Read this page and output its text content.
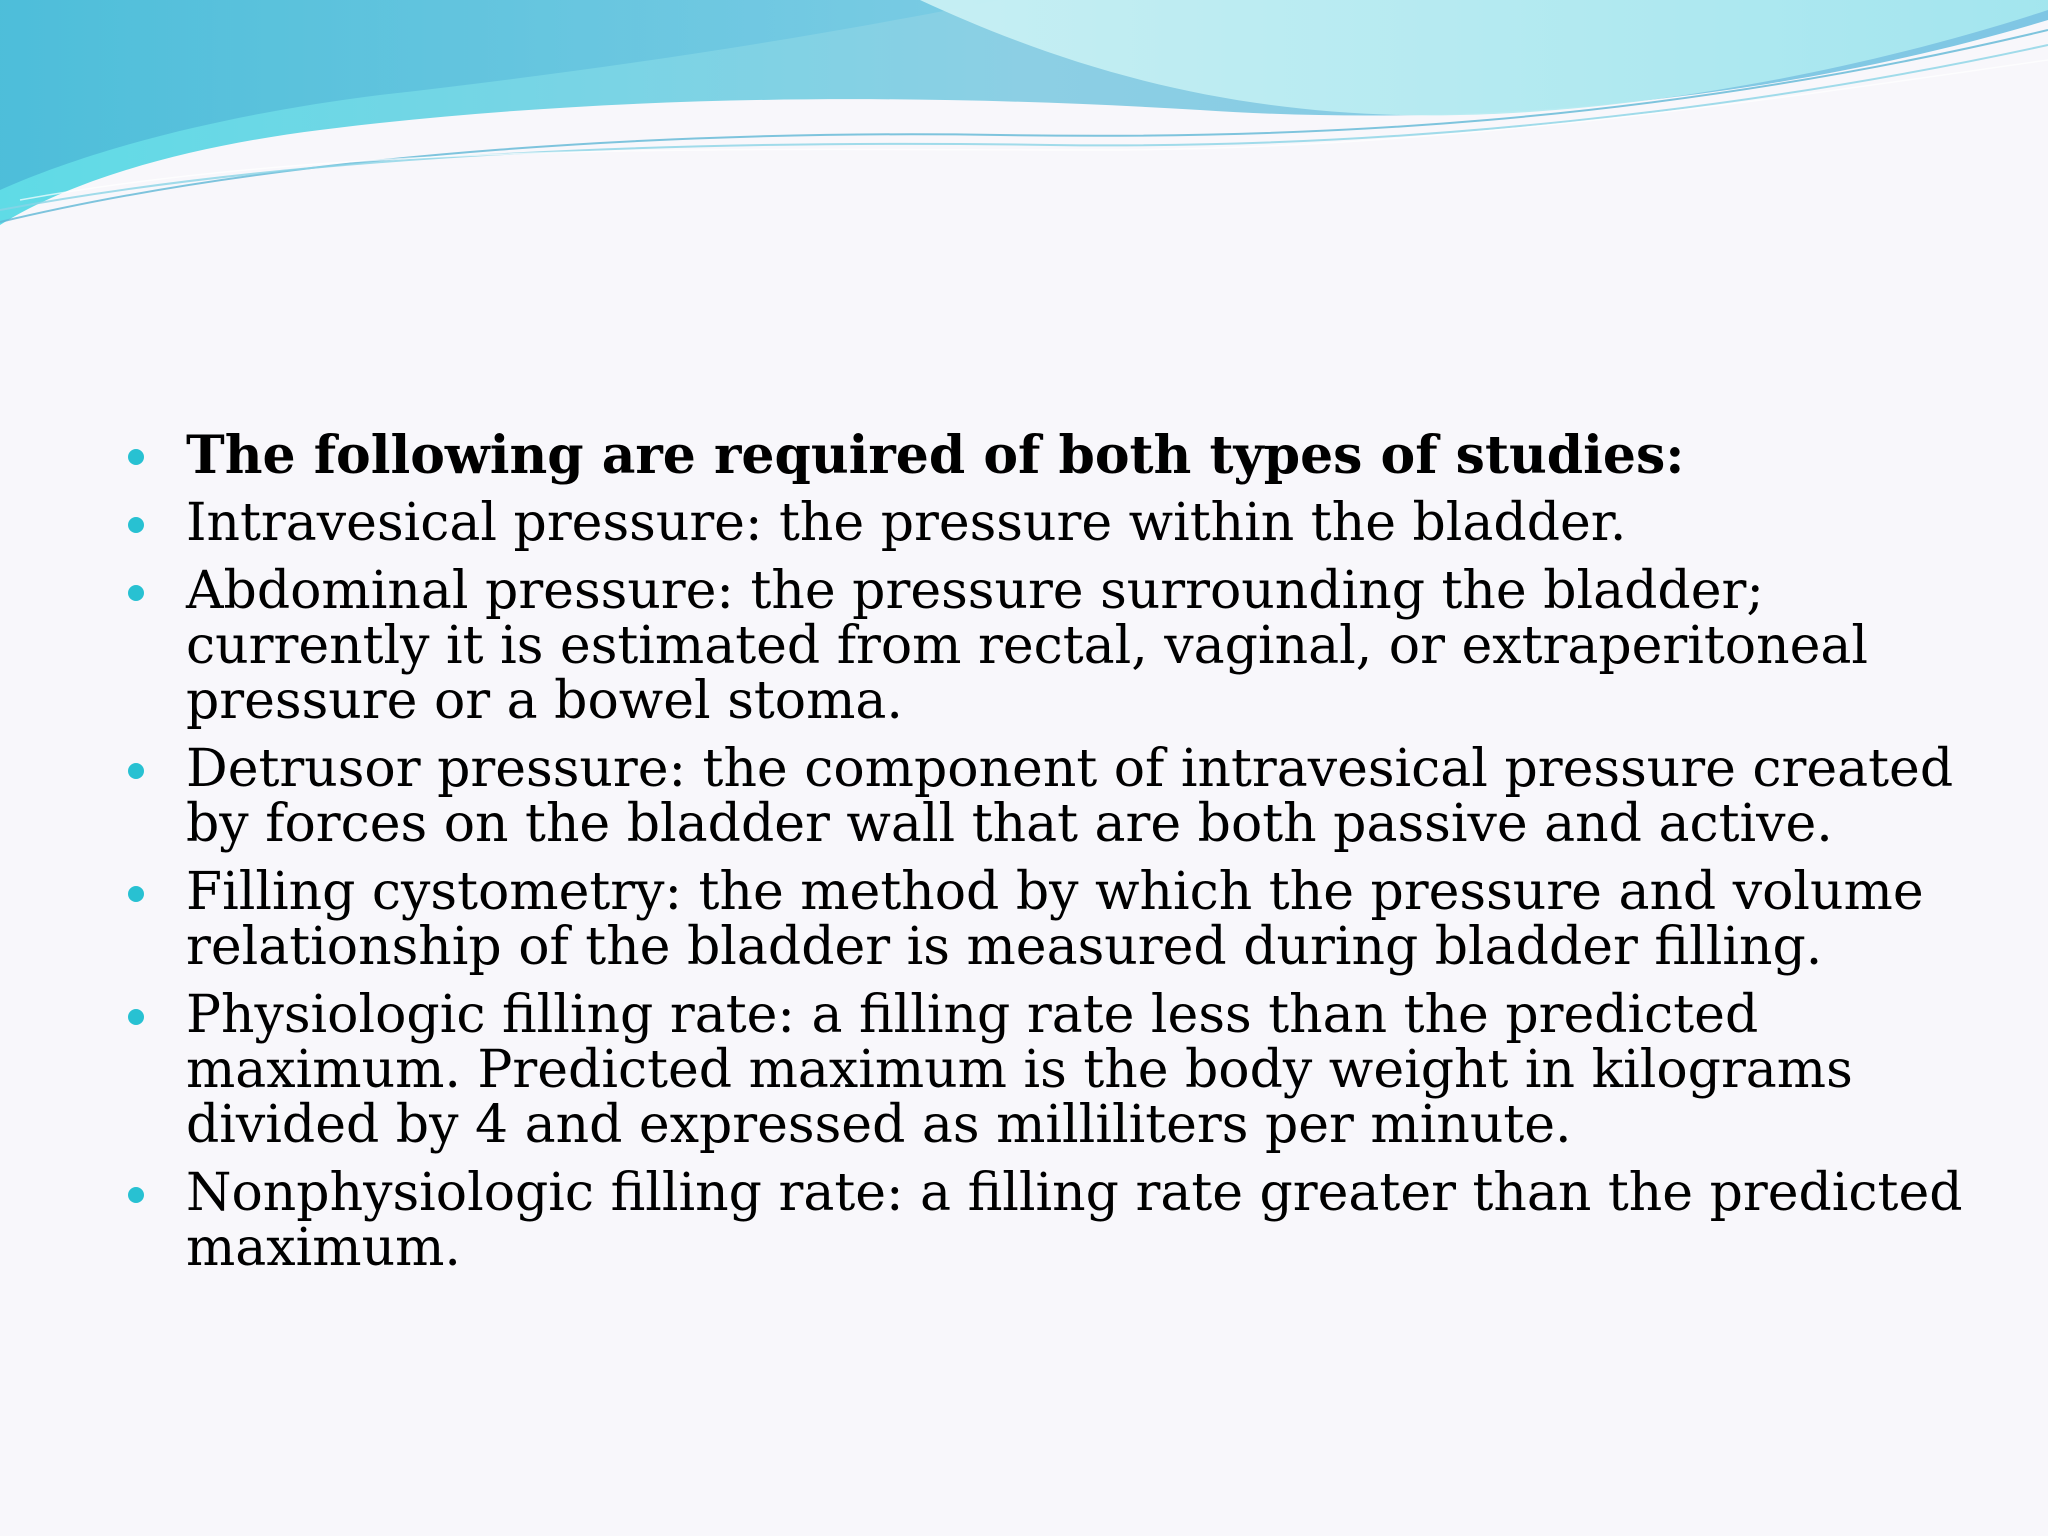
The following are required of both types of studies:
Intravesical pressure: the pressure within the bladder.
Abdominal pressure: the pressure surrounding the bladder; currently it is estimated from rectal, vaginal, or extraperitoneal pressure or a bowel stoma.
Detrusor pressure: the component of intravesical pressure created by forces on the bladder wall that are both passive and active.
Filling cystometry: the method by which the pressure and volume relationship of the bladder is measured during bladder filling.
Physiologic filling rate: a filling rate less than the predicted maximum. Predicted maximum is the body weight in kilograms divided by 4 and expressed as milliliters per minute.
Nonphysiologic filling rate: a filling rate greater than the predicted maximum.
